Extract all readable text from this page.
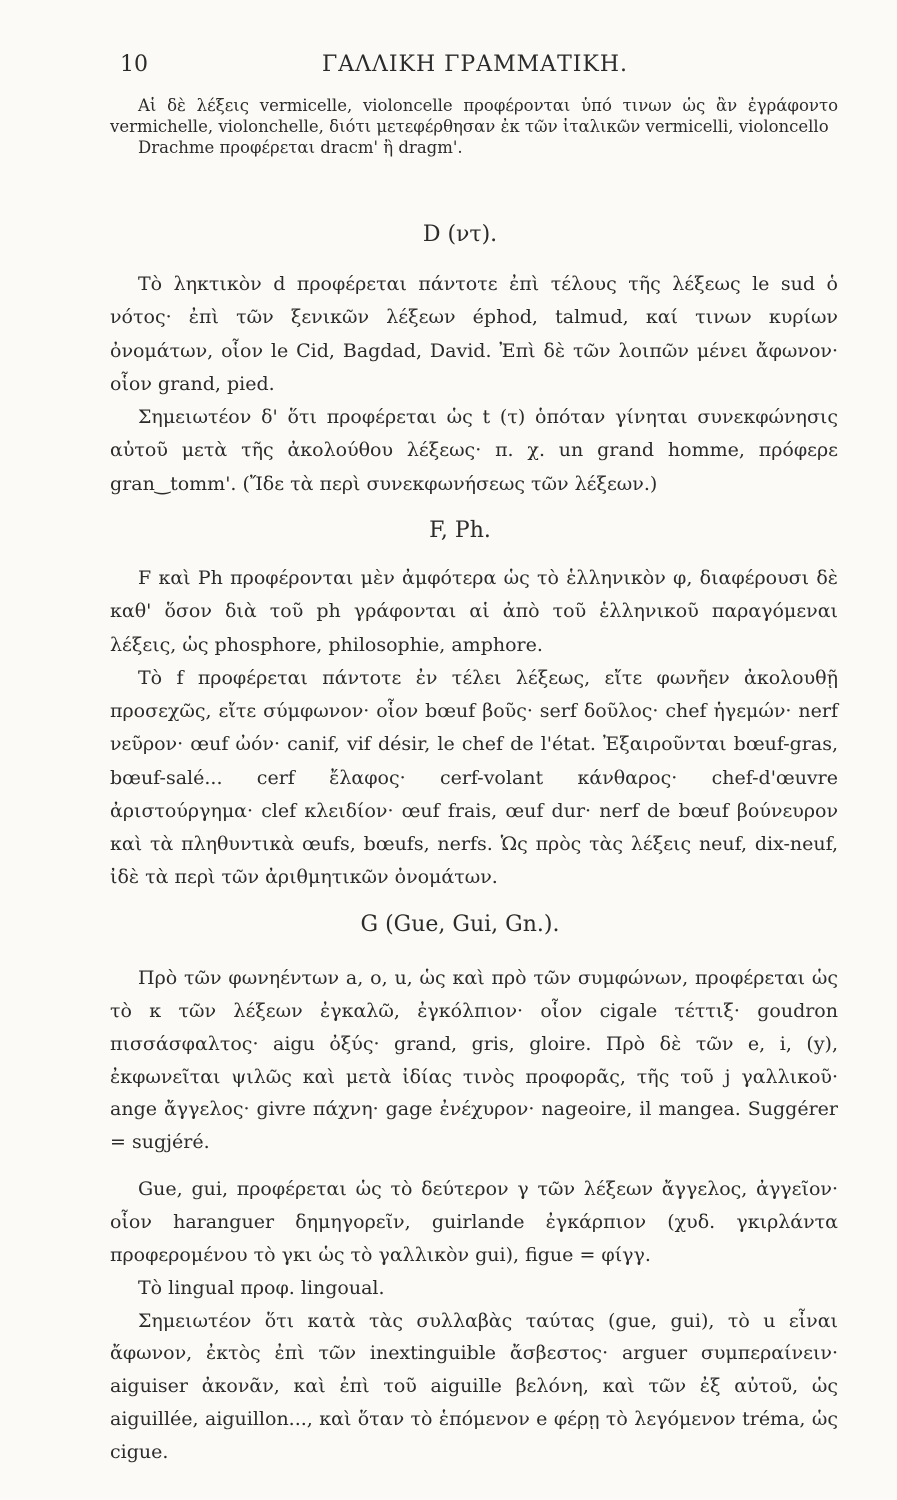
10	ΓΑΛΛΙΚΗ ΓΡΑΜΜΑΤΙΚΗ.

Αἱ δὲ λέξεις vermicelle, violoncelle προφέρονται ὑπό τινων ὡς ἂν ἐγράφοντο vermichelle, violonchelle, διότι μετεφέρθησαν ἐκ τῶν ἰταλικῶν vermicelli, violoncello

Drachme προφέρεται dracm' ἢ dragm'.

D (ντ).

Τὸ ληκτικὸν d προφέρεται πάντοτε ἐπὶ τέλους τῆς λέξεως le sud ὁ νότος· ἐπὶ τῶν ξενικῶν λέξεων éphod, talmud, καί τινων κυρίων ὀνομάτων, οἷον le Cid, Bagdad, David. Ἐπὶ δὲ τῶν λοιπῶν μένει ἄφωνον· οἷον grand, pied.

Σημειωτέον δ' ὅτι προφέρεται ὡς t (τ) ὁπόταν γίνηται συνεκφώνησις αὐτοῦ μετὰ τῆς ἀκολούθου λέξεως· π. χ. un grand homme, πρόφερε gran‿tomm'. (Ἴδε τὰ περὶ συνεκφωνήσεως τῶν λέξεων.)

F, Ph.

F καὶ Ph προφέρονται μὲν ἀμφότερα ὡς τὸ ἑλληνικὸν φ, διαφέρουσι δὲ καθ' ὅσον διὰ τοῦ ph γράφονται αἱ ἀπὸ τοῦ ἑλληνικοῦ παραγόμεναι λέξεις, ὡς phosphore, philosophie, amphore.

Τὸ f προφέρεται πάντοτε ἐν τέλει λέξεως, εἴτε φωνῆεν ἀκολουθῇ προσεχῶς, εἴτε σύμφωνον· οἷον bœuf βοῦς· serf δοῦλος· chef ἡγεμών· nerf νεῦρον· œuf ὠόν· canif, vif désir, le chef de l'état. Ἐξαιροῦνται bœuf-gras, bœuf-salé... cerf ἔλαφος· cerf-volant κάνθαρος· chef-d'œuvre ἀριστούργημα· clef κλειδίον· œuf frais, œuf dur· nerf de bœuf βούνευρον καὶ τὰ πληθυντικὰ œufs, bœufs, nerfs. Ὡς πρὸς τὰς λέξεις neuf, dix-neuf, ἰδὲ τὰ περὶ τῶν ἀριθμητικῶν ὀνομάτων.

G (Gue, Gui, Gn.).

Πρὸ τῶν φωνηέντων a, o, u, ὡς καὶ πρὸ τῶν συμφώνων, προφέρεται ὡς τὸ κ τῶν λέξεων ἐγκαλῶ, ἐγκόλπιον· οἷον cigale τέττιξ· goudron πισσάσφαλτος· aigu ὀξύς· grand, gris, gloire. Πρὸ δὲ τῶν e, i, (y), ἐκφωνεῖται ψιλῶς καὶ μετὰ ἰδίας τινὸς προφορᾶς, τῆς τοῦ j γαλλικοῦ· ange ἄγγελος· givre πάχνη· gage ἐνέχυρον· nageoire, il mangea. Suggérer = sugjéré.

Gue, gui, προφέρεται ὡς τὸ δεύτερον γ τῶν λέξεων ἄγγελος, ἀγγεῖον· οἷον haranguer δημηγορεῖν, guirlande ἐγκάρπιον (χυδ. γκιρλάντα προφερομένου τὸ γκι ὡς τὸ γαλλικὸν gui), figue = φίγγ.

Τὸ lingual προφ. lingoual.

Σημειωτέον ὅτι κατὰ τὰς συλλαβὰς ταύτας (gue, gui), τὸ u εἶναι ἄφωνον, ἐκτὸς ἐπὶ τῶν inextinguible ἄσβεστος· arguer συμπεραίνειν· aiguiser ἀκονᾶν, καὶ ἐπὶ τοῦ aiguille βελόνη, καὶ τῶν ἐξ αὐτοῦ, ὡς aiguillée, aiguillon..., καὶ ὅταν τὸ ἑπόμενον e φέρῃ τὸ λεγόμενον tréma, ὡς cigue.
